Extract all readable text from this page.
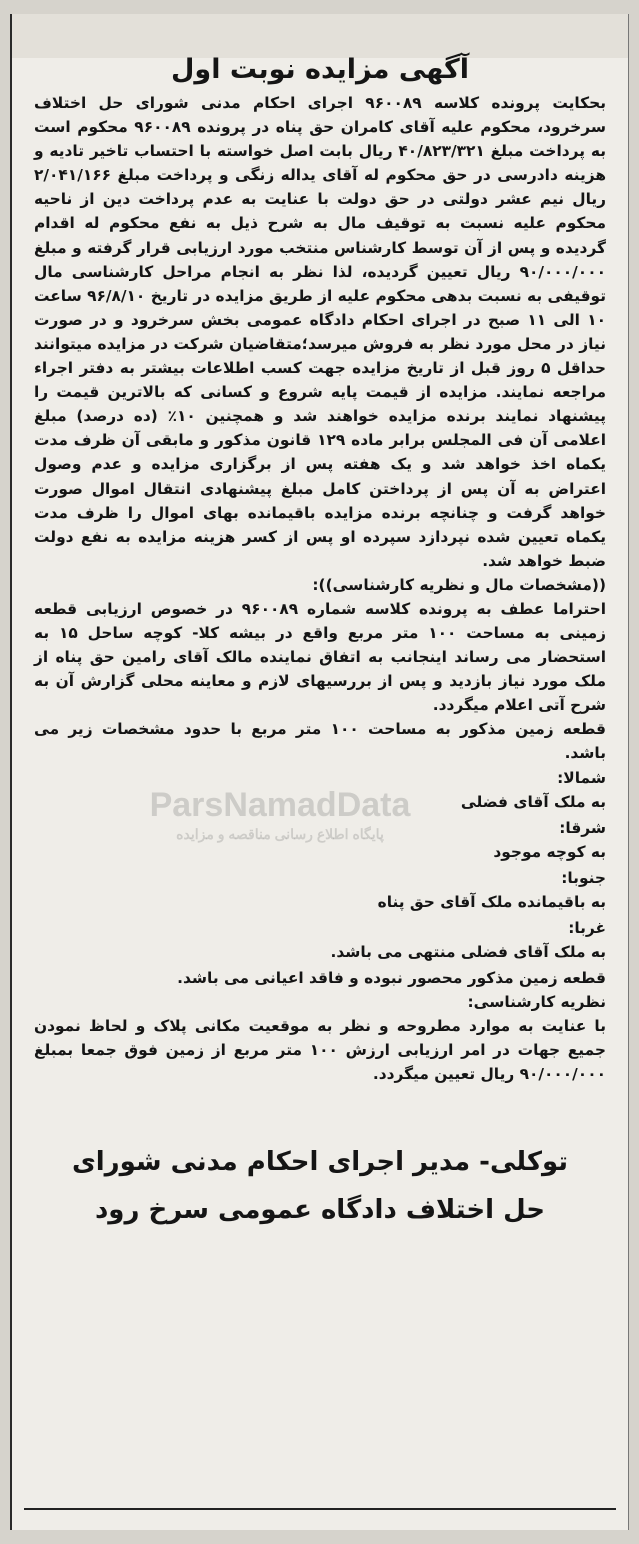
آگهی مزایده نوبت اول

بحکایت پرونده کلاسه ۹۶۰۰۸۹ اجرای احکام مدنی شورای حل اختلاف سرخرود، محکوم علیه آقای کامران حق پناه در پرونده ۹۶۰۰۸۹ محکوم است به پرداخت مبلغ ۴۰/۸۲۳/۳۲۱ ریال بابت اصل خواسته با احتساب تاخیر تادیه و هزینه دادرسی در حق محکوم له آقای یداله زنگی و پرداخت مبلغ ۲/۰۴۱/۱۶۶ ریال نیم عشر دولتی در حق دولت با عنایت به عدم پرداخت دین از ناحیه محکوم علیه نسبت به توقیف مال به شرح ذیل به نفع محکوم له اقدام گردیده و پس از آن توسط کارشناس منتخب مورد ارزیابی قرار گرفته و مبلغ ۹۰/۰۰۰/۰۰۰ ریال تعیین گردیده، لذا نظر به انجام مراحل کارشناسی مال توقیفی به نسبت بدهی محکوم علیه از طریق مزایده در تاریخ ۹۶/۸/۱۰ ساعت ۱۰ الی ۱۱ صبح در اجرای احکام دادگاه عمومی بخش سرخرود و در صورت نیاز در محل مورد نظر به فروش میرسد؛متقاضیان شرکت در مزایده میتوانند حداقل ۵ روز قبل از تاریخ مزایده جهت کسب اطلاعات بیشتر به دفتر اجراء مراجعه نمایند. مزایده از قیمت پایه شروع و کسانی که بالاترین قیمت را پیشنهاد نمایند برنده مزایده خواهند شد و همچنین ۱۰٪ (ده درصد) مبلغ اعلامی آن فی المجلس برابر ماده ۱۲۹ قانون مذکور و مابقی آن ظرف مدت یکماه اخذ خواهد شد و یک هفته پس از برگزاری مزایده و عدم وصول اعتراض به آن پس از پرداختن کامل مبلغ پیشنهادی انتقال اموال صورت خواهد گرفت و چنانچه برنده مزایده باقیمانده بهای اموال را ظرف مدت یکماه تعیین شده نپردازد سپرده او پس از کسر هزینه مزایده به نفع دولت ضبط خواهد شد.

((مشخصات مال و نظریه کارشناسی)):

احتراما عطف به پرونده کلاسه شماره ۹۶۰۰۸۹ در خصوص ارزیابی قطعه زمینی به مساحت ۱۰۰ متر مربع واقع در بیشه کلا- کوچه ساحل ۱۵ به استحضار می رساند اینجانب به اتفاق نماینده مالک آقای رامین حق پناه از ملک مورد نیاز بازدید و پس از بررسیهای لازم و معاینه محلی گزارش آن به شرح آتی اعلام میگردد.

قطعه زمین مذکور به مساحت ۱۰۰ متر مربع با حدود مشخصات زیر می باشد.

شمالا:

به ملک آقای فضلی

شرقا:

به کوچه موجود

جنوبا:

به باقیمانده ملک آقای حق پناه

غربا:

به ملک آقای فضلی منتهی می باشد.

قطعه زمین مذکور محصور نبوده و فاقد اعیانی می باشد.

نظریه کارشناسی:

با عنایت به موارد مطروحه و نظر به موقعیت مکانی پلاک و لحاظ نمودن جمیع جهات در امر ارزیابی ارزش ۱۰۰ متر مربع از زمین فوق جمعا بمبلغ ۹۰/۰۰۰/۰۰۰ ریال تعیین میگردد.

توکلی- مدیر اجرای احکام مدنی شورای
حل اختلاف دادگاه عمومی سرخ رود
ParsNamadData
پایگاه اطلاع رسانی مناقصه و مزایده
